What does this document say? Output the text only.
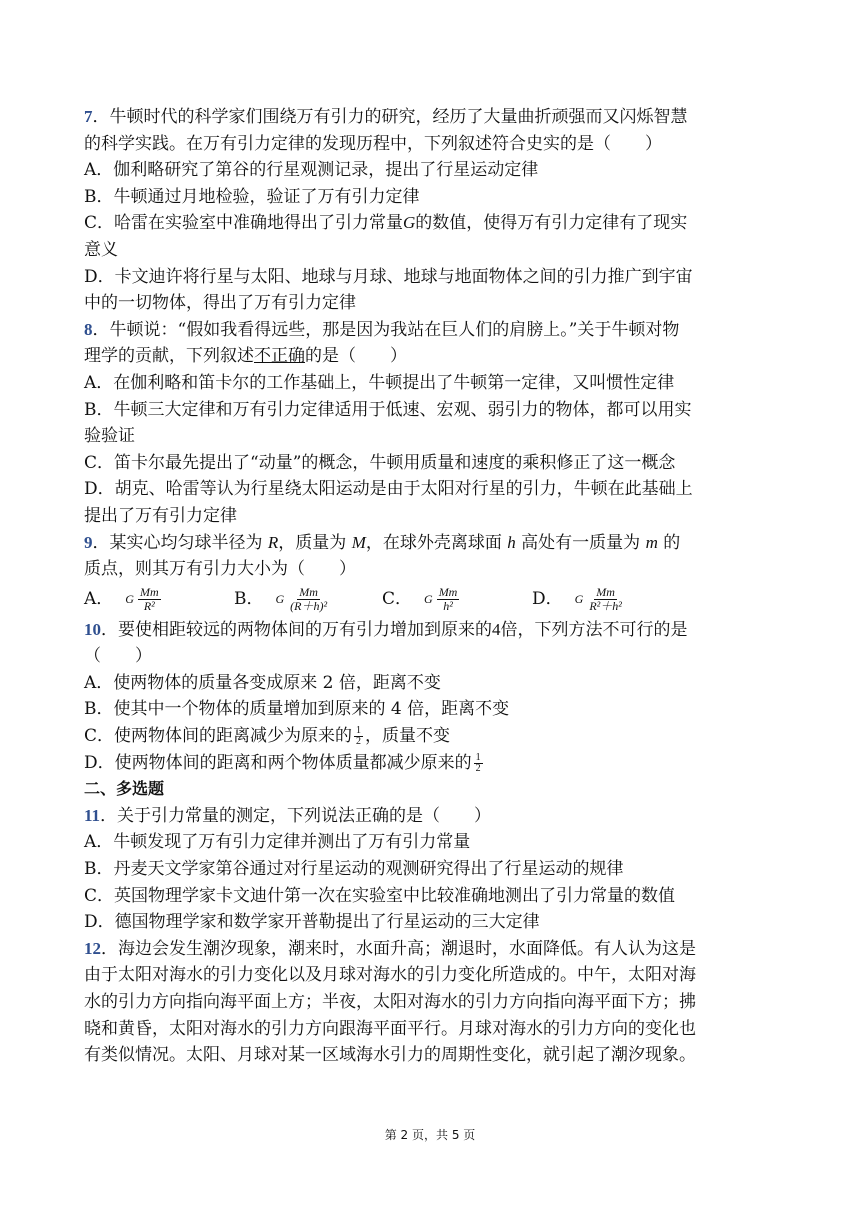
7．牛顿时代的科学家们围绕万有引力的研究，经历了大量曲折顽强而又闪烁智慧
的科学实践。在万有引力定律的发现历程中，下列叙述符合史实的是（　　）
A．伽利略研究了第谷的行星观测记录，提出了行星运动定律
B．牛顿通过月地检验，验证了万有引力定律
C．哈雷在实验室中准确地得出了引力常量G的数值，使得万有引力定律有了现实
意义
D．卡文迪许将行星与太阳、地球与月球、地球与地面物体之间的引力推广到宇宙
中的一切物体，得出了万有引力定律
8．牛顿说：“假如我看得远些，那是因为我站在巨人们的肩膀上。”关于牛顿对物
理学的贡献，下列叙述不正确的是（　　）
A．在伽利略和笛卡尔的工作基础上，牛顿提出了牛顿第一定律，又叫惯性定律
B．牛顿三大定律和万有引力定律适用于低速、宏观、弱引力的物体，都可以用实
验验证
C．笛卡尔最先提出了“动量”的概念，牛顿用质量和速度的乘积修正了这一概念
D．胡克、哈雷等认为行星绕太阳运动是由于太阳对行星的引力，牛顿在此基础上
提出了万有引力定律
9．某实心均匀球半径为 R，质量为 M，在球外壳离球面 h 高处有一质量为 m 的
质点，则其万有引力大小为（　　）
A． G $\frac{Mm}{\text{R²}}$	B． G $\frac{Mm}{\text{(R＋h)²}}$	C． G $\frac{Mm}{\text{h²}}$	D． G $\frac{Mm}{\text{R²＋h²}}$
10．要使相距较远的两物体间的万有引力增加到原来的4倍，下列方法不可行的是
（　　）
A．使两物体的质量各变成原来 2 倍，距离不变
B．使其中一个物体的质量增加到原来的 4 倍，距离不变
C．使两物体间的距离减少为原来的 $\frac{1}{2}$ ，质量不变
D．使两物体间的距离和两个物体质量都减少原来的 $\frac{1}{2}$
二、多选题
11．关于引力常量的测定，下列说法正确的是（　　）
A．牛顿发现了万有引力定律并测出了万有引力常量
B．丹麦天文学家第谷通过对行星运动的观测研究得出了行星运动的规律
C．英国物理学家卡文迪什第一次在实验室中比较准确地测出了引力常量的数值
D．德国物理学家和数学家开普勒提出了行星运动的三大定律
12．海边会发生潮汐现象，潮来时，水面升高；潮退时，水面降低。有人认为这是
由于太阳对海水的引力变化以及月球对海水的引力变化所造成的。中午，太阳对海
水的引力方向指向海平面上方；半夜，太阳对海水的引力方向指向海平面下方；拂
晓和黄昏，太阳对海水的引力方向跟海平面平行。月球对海水的引力方向的变化也
有类似情况。太阳、月球对某一区域海水引力的周期性变化，就引起了潮汐现象。
第 2 页，共 5 页
